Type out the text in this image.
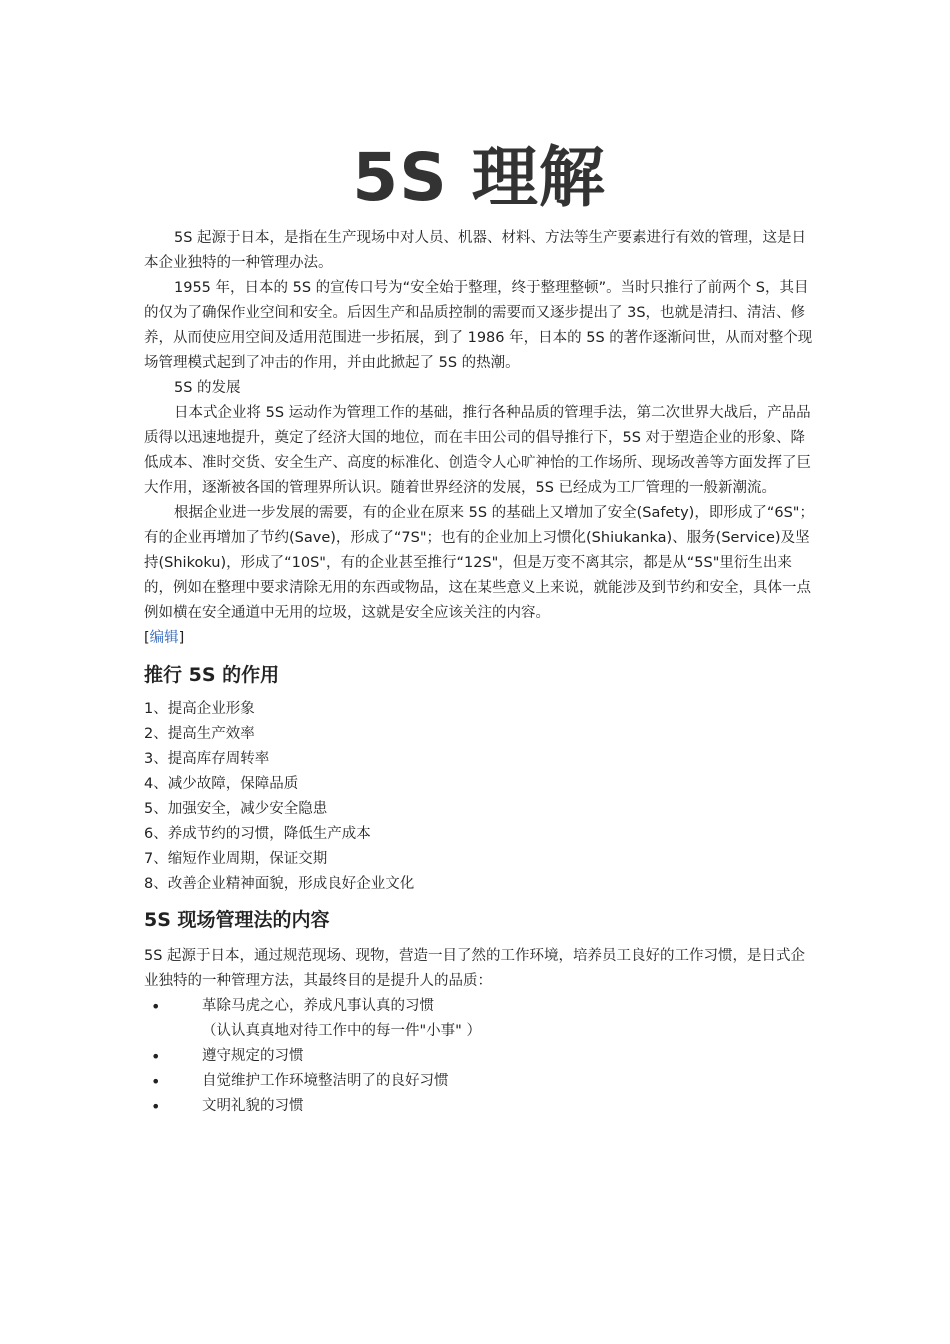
5S 理解

5S 起源于日本，是指在生产现场中对人员、机器、材料、方法等生产要素进行有效的管理，这是日本企业独特的一种管理办法。

1955 年，日本的 5S 的宣传口号为“安全始于整理，终于整理整顿”。当时只推行了前两个 S，其目的仅为了确保作业空间和安全。后因生产和品质控制的需要而又逐步提出了 3S，也就是清扫、清洁、修养，从而使应用空间及适用范围进一步拓展，到了 1986 年，日本的 5S 的著作逐渐问世，从而对整个现场管理模式起到了冲击的作用，并由此掀起了 5S 的热潮。

5S 的发展

日本式企业将 5S 运动作为管理工作的基础，推行各种品质的管理手法，第二次世界大战后，产品品质得以迅速地提升，奠定了经济大国的地位，而在丰田公司的倡导推行下，5S 对于塑造企业的形象、降低成本、准时交货、安全生产、高度的标准化、创造令人心旷神怡的工作场所、现场改善等方面发挥了巨大作用，逐渐被各国的管理界所认识。随着世界经济的发展，5S 已经成为工厂管理的一般新潮流。

根据企业进一步发展的需要，有的企业在原来 5S 的基础上又增加了安全(Safety)，即形成了“6S"；有的企业再增加了节约(Save)，形成了“7S"；也有的企业加上习惯化(Shiukanka)、服务(Service)及坚持(Shikoku)，形成了“10S"，有的企业甚至推行“12S"，但是万变不离其宗，都是从“5S"里衍生出来的，例如在整理中要求清除无用的东西或物品，这在某些意义上来说，就能涉及到节约和安全，具体一点例如横在安全通道中无用的垃圾，这就是安全应该关注的内容。

[编辑]
推行 5S 的作用
1、提高企业形象
2、提高生产效率
3、提高库存周转率
4、减少故障，保障品质
5、加强安全，减少安全隐患
6、养成节约的习惯，降低生产成本
7、缩短作业周期，保证交期
8、改善企业精神面貌，形成良好企业文化
5S 现场管理法的内容

5S 起源于日本，通过规范现场、现物，营造一目了然的工作环境，培养员工良好的工作习惯，是日式企业独特的一种管理方法，其最终目的是提升人的品质：

•	革除马虎之心，养成凡事认真的习惯
（认认真真地对待工作中的每一件"小事" ）
•	遵守规定的习惯
•	自觉维护工作环境整洁明了的良好习惯
•	文明礼貌的习惯
